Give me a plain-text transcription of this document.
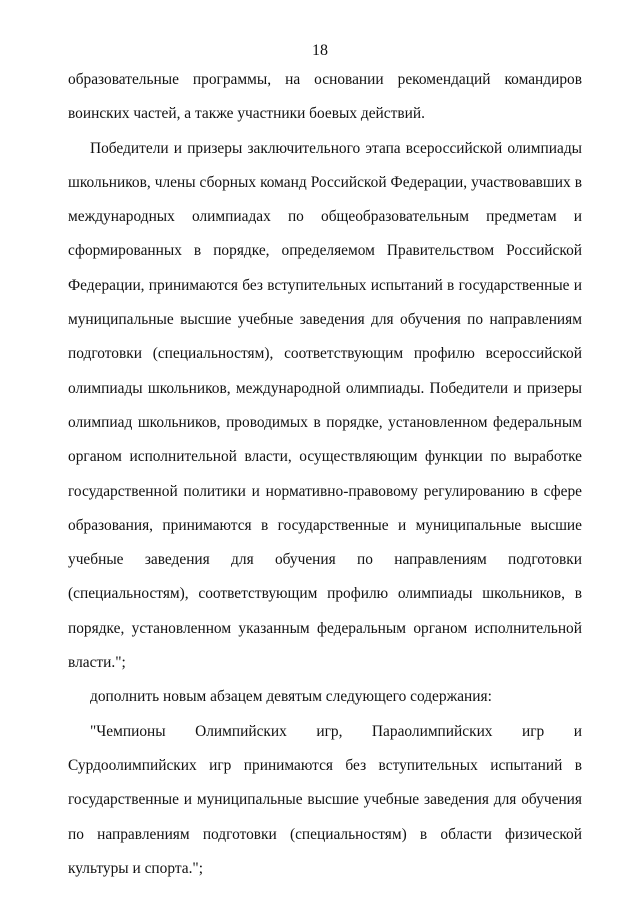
18

образовательные программы, на основании рекомендаций командиров воинских частей, а также участники боевых действий.

Победители и призеры заключительного этапа всероссийской олимпиады школьников, члены сборных команд Российской Федерации, участвовавших в международных олимпиадах по общеобразовательным предметам и сформированных в порядке, определяемом Правительством Российской Федерации, принимаются без вступительных испытаний в государственные и муниципальные высшие учебные заведения для обучения по направлениям подготовки (специальностям), соответствующим профилю всероссийской олимпиады школьников, международной олимпиады. Победители и призеры олимпиад школьников, проводимых в порядке, установленном федеральным органом исполнительной власти, осуществляющим функции по выработке государственной политики и нормативно-правовому регулированию в сфере образования, принимаются в государственные и муниципальные высшие учебные заведения для обучения по направлениям подготовки (специальностям), соответствующим профилю олимпиады школьников, в порядке, установленном указанным федеральным органом исполнительной власти.";

дополнить новым абзацем девятым следующего содержания:

"Чемпионы Олимпийских игр, Параолимпийских игр и Сурдоолимпийских игр принимаются без вступительных испытаний в государственные и муниципальные высшие учебные заведения для обучения по направлениям подготовки (специальностям) в области физической культуры и спорта.";
